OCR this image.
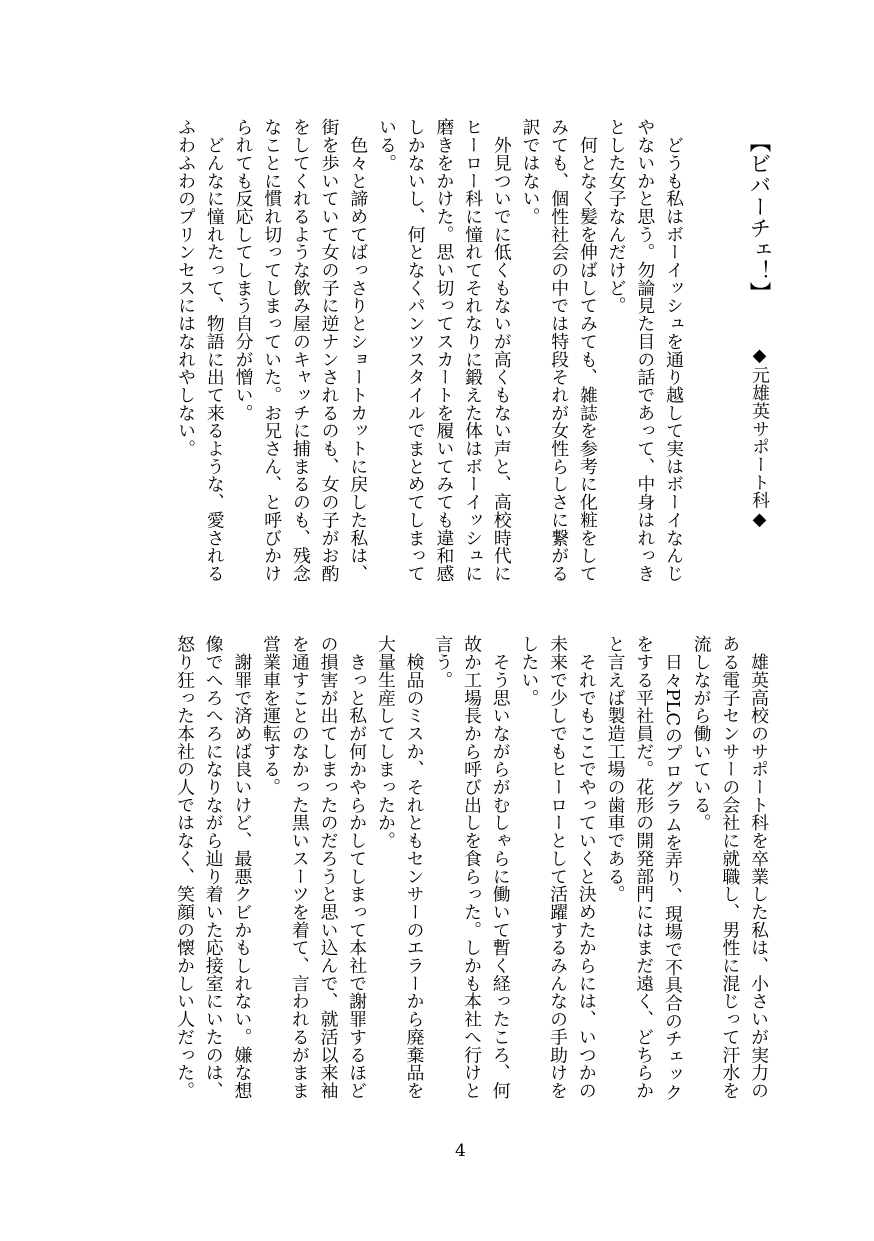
【ビバーチェ！】
◆元雄英サポート科◆
　どうも私はボーイッシュを通り越して実はボーイなんじ
やないかと思う。勿論見た目の話であって、中身はれっき
とした女子なんだけど。
　何となく髪を伸ばしてみても、雑誌を参考に化粧をして
みても、個性社会の中では特段それが女性らしさに繋がる
訳ではない。
　外見ついでに低くもないが高くもない声と、高校時代に
ヒーロー科に憧れてそれなりに鍛えた体はボーイッシュに
磨きをかけた。思い切ってスカートを履いてみても違和感
しかないし、何となくパンツスタイルでまとめてしまって
いる。
　色々と諦めてばっさりとショートカットに戻した私は、
街を歩いていて女の子に逆ナンされるのも、女の子がお酌
をしてくれるような飲み屋のキャッチに捕まるのも、残念
なことに慣れ切ってしまっていた。お兄さん、と呼びかけ
られても反応してしまう自分が憎い。
　どんなに憧れたって、物語に出て来るような、愛される
ふわふわのプリンセスにはなれやしない。
　雄英高校のサポート科を卒業した私は、小さいが実力の
ある電子センサーの会社に就職し、男性に混じって汗水を
流しながら働いている。
　日々PLCのプログラムを弄り、現場で不具合のチェック
をする平社員だ。花形の開発部門にはまだ遠く、どちらか
と言えば製造工場の歯車である。
　それでもここでやっていくと決めたからには、いつかの
未来で少しでもヒーローとして活躍するみんなの手助けを
したい。
　そう思いながらがむしゃらに働いて暫く経ったころ、何
故か工場長から呼び出しを食らった。しかも本社へ行けと
言う。
　検品のミスか、それともセンサーのエラーから廃棄品を
大量生産してしまったか。
　きっと私が何かやらかしてしまって本社で謝罪するほど
の損害が出てしまったのだろうと思い込んで、就活以来袖
を通すことのなかった黒いスーツを着て、言われるがまま
営業車を運転する。
　謝罪で済めば良いけど、最悪クビかもしれない。嫌な想
像でへろへろになりながら辿り着いた応接室にいたのは、
怒り狂った本社の人ではなく、笑顔の懐かしい人だった。
4
